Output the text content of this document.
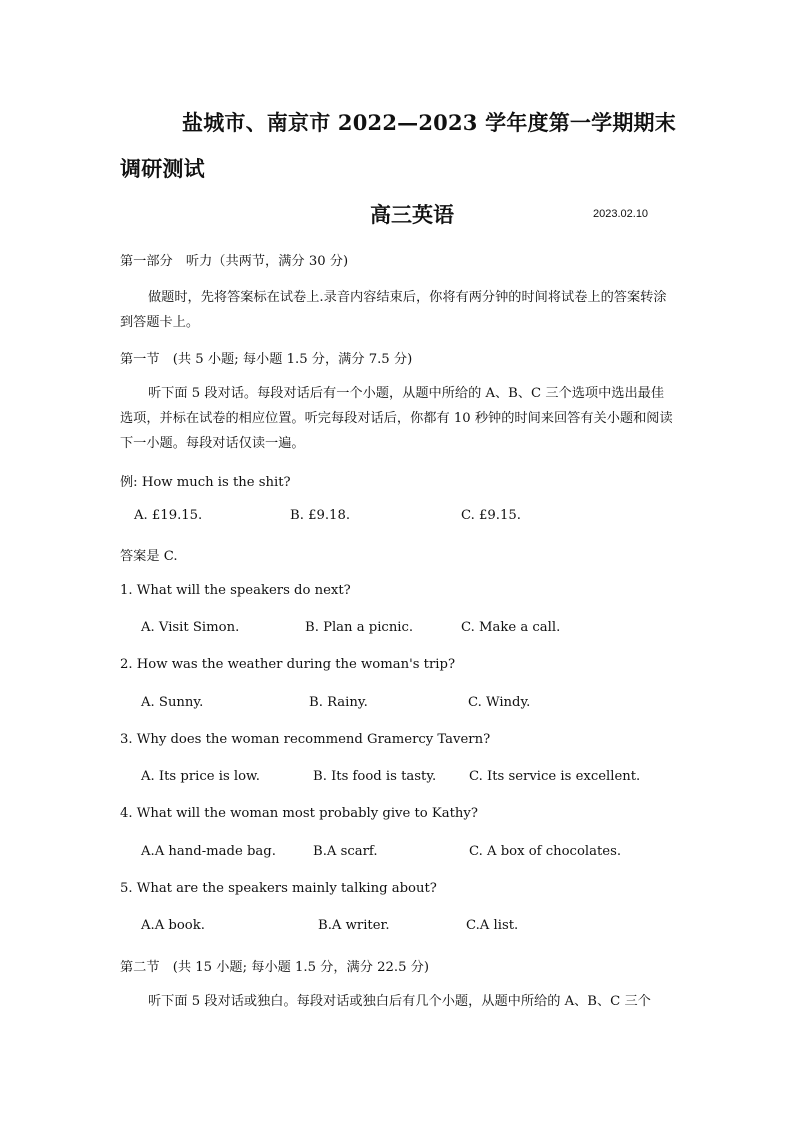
盐城市、南京市 2022—2023 学年度第一学期期末调研测试
高三英语	2023.02.10
第一部分　听力（共两节，满分 30 分)
做题时，先将答案标在试卷上.录音内容结束后，你将有两分钟的时间将试卷上的答案转涂到答题卡上。
第一节　(共 5 小题; 每小题 1.5 分，满分 7.5 分)
听下面 5 段对话。每段对话后有一个小题，从题中所给的 A、B、C 三个选项中选出最佳选项，并标在试卷的相应位置。听完每段对话后，你都有 10 秒钟的时间来回答有关小题和阅读下一小题。每段对话仅读一遍。
例: How much is the shit?
A. £19.15.	B. £9.18.	C. £9.15.
答案是 C.
1. What will the speakers do next?
A. Visit Simon.	B. Plan a picnic.	C. Make a call.
2. How was the weather during the woman's trip?
A. Sunny.	B. Rainy.	C. Windy.
3. Why does the woman recommend Gramercy Tavern?
A. Its price is low.	B. Its food is tasty. C. Its service is excellent.
4. What will the woman most probably give to Kathy?
A.A hand-made bag.	B.A scarf.	C. A box of chocolates.
5. What are the speakers mainly talking about?
A.A book.	B.A writer.	C.A list.
第二节　(共 15 小题; 每小题 1.5 分，满分 22.5 分)
听下面 5 段对话或独白。每段对话或独白后有几个小题，从题中所给的 A、B、C 三个
